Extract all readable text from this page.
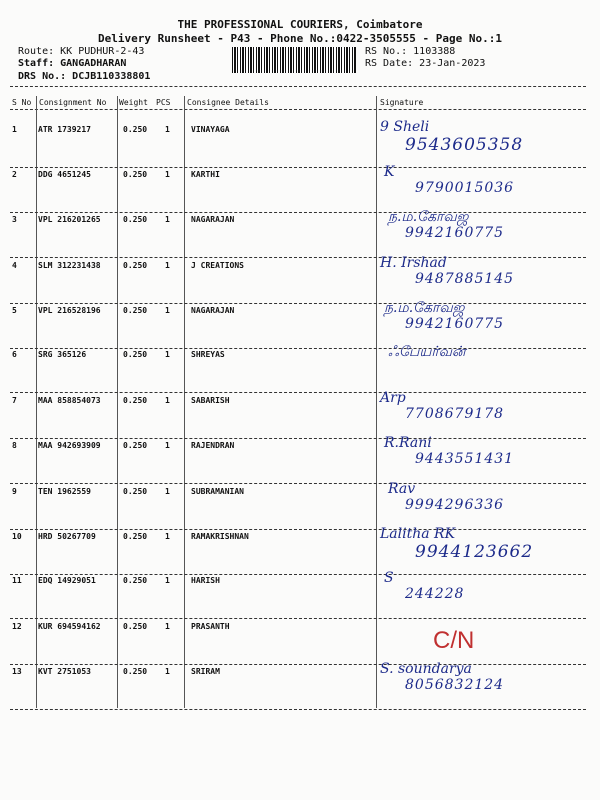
THE PROFESSIONAL COURIERS, Coimbatore
Delivery Runsheet - P43 - Phone No.:0422-3505555 - Page No.:1
Route: KK PUDHUR-2-43
Staff: GANGADHARAN
DRS No.: DCJB110338801
RS No.: 1103388
RS Date: 23-Jan-2023
S No Consignment No Weight PCS Consignee Details	Signature
1	ATR 1739217	0.250 1	VINAYAGA	9 Sheli
9543605358
2	DDG 4651245	0.250 1	KARTHI	K
9790015036
3	VPL 216201265	0.250 1	NAGARAJAN	ந.ம.கோவஜ
9942160775
4	SLM 312231438	0.250 1	J CREATIONS	H. Irshad
9487885145
5	VPL 216528196	0.250 1	NAGARAJAN	ந.ம.கோவஜ
9942160775
6	SRG 365126	0.250 1	SHREYAS	ஃபேயர்வன்
7	MAA 858854073	0.250 1	SABARISH	Arp
7708679178
8	MAA 942693909	0.250 1	RAJENDRAN	R.Rani
9443551431
9	TEN 1962559	0.250 1	SUBRAMANIAN	Rav
9994296336
10 HRD 50267709	0.250 1	RAMAKRISHNAN	Lalitha RK
9944123662
11 EDQ 14929051	0.250 1	HARISH	S
244228
12 KUR 694594162	0.250 1	PRASANTH
C/N
13 KVT 2751053	0.250 1	SRIRAM	S. soundarya
8056832124
